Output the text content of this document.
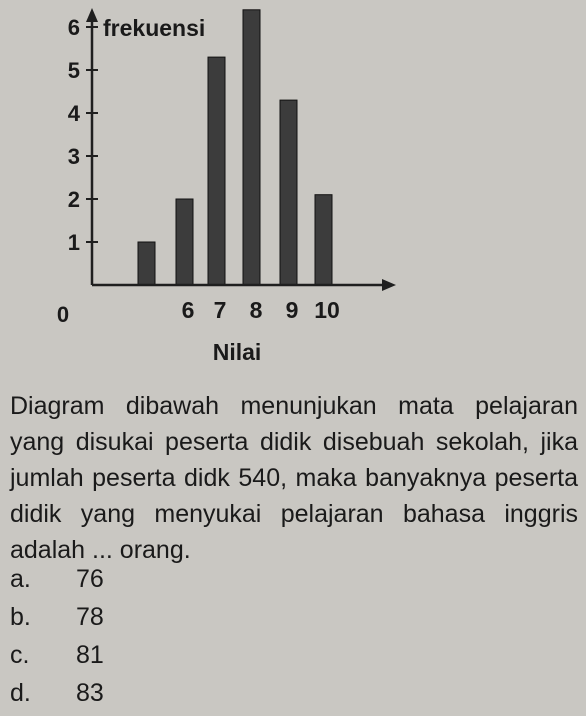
1
2
3
4
5
6 frekuensi
Nilai
0	6 7 8 9 10

Diagram dibawah menunjukan mata pelajaran yang disukai peserta didik disebuah sekolah, jika jumlah peserta didk 540, maka banyaknya peserta didik yang menyukai pelajaran bahasa inggris adalah ... orang.

a. 76
b. 78
c. 81
d. 83
